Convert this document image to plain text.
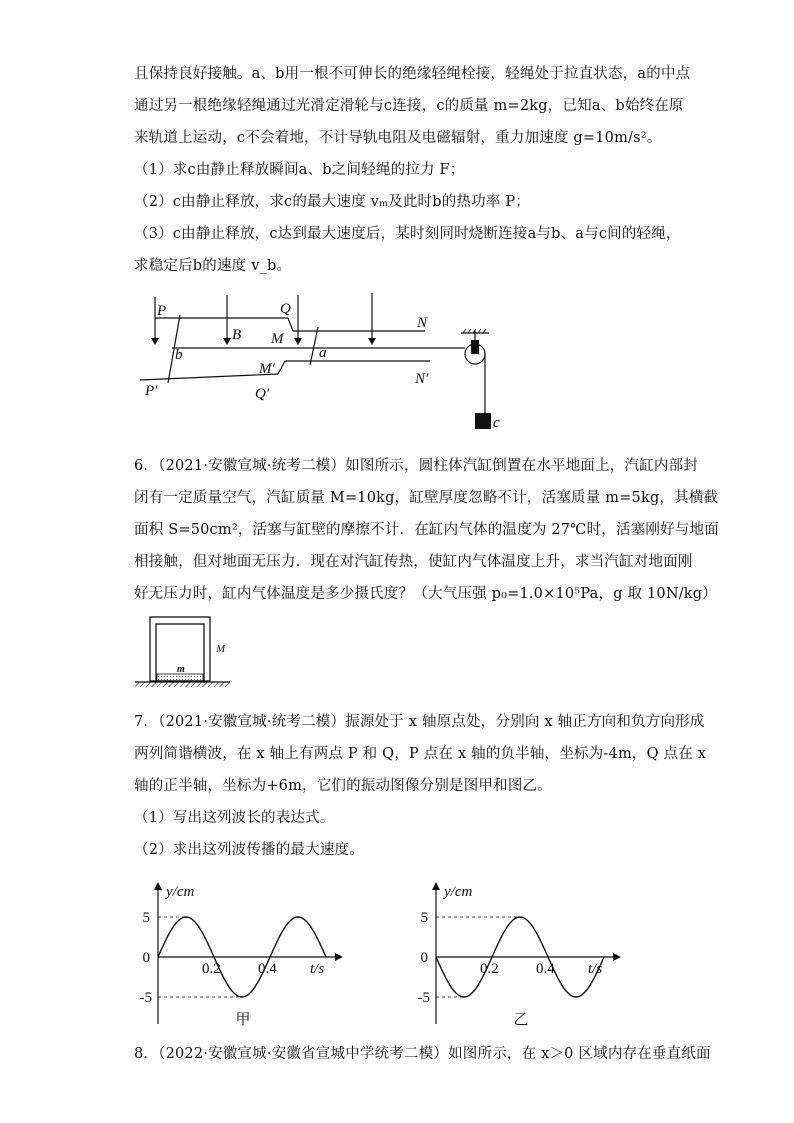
且保持良好接触。a、b用一根不可伸长的绝缘轻绳栓接，轻绳处于拉直状态，a的中点
通过另一根绝缘轻绳通过光滑定滑轮与c连接，c的质量 m=2kg，已知a、b始终在原
来轨道上运动，c不会着地，不计导轨电阻及电磁辐射，重力加速度 g=10m/s²。
（1）求c由静止释放瞬间a、b之间轻绳的拉力 F；
（2）c由静止释放，求c的最大速度 vₘ及此时b的热功率 P；
（3）c由静止释放，c达到最大速度后，某时刻同时烧断连接a与b、a与c间的轻绳，
求稳定后b的速度 v_b。
P
P′
Q
Q′
M
M′
N
N′
B
a
b
c
6．（2021·安徽宣城·统考二模）如图所示，圆柱体汽缸倒置在水平地面上，汽缸内部封
闭有一定质量空气，汽缸质量 M=10kg，缸壁厚度忽略不计，活塞质量 m=5kg，其横截
面积 S=50cm²，活塞与缸壁的摩擦不计．在缸内气体的温度为 27℃时，活塞刚好与地面
相接触，但对地面无压力．现在对汽缸传热，使缸内气体温度上升，求当汽缸对地面刚
好无压力时，缸内气体温度是多少摄氏度？（大气压强 p₀=1.0×10⁵Pa，g 取 10N/kg）
M
m
7．（2021·安徽宣城·统考二模）振源处于 x 轴原点处，分别向 x 轴正方向和负方向形成
两列简谐横波，在 x 轴上有两点 P 和 Q，P 点在 x 轴的负半轴，坐标为-4m，Q 点在 x
轴的正半轴，坐标为+6m，它们的振动图像分别是图甲和图乙。
（1）写出这列波长的表达式。
（2）求出这列波传播的最大速度。
5
0
-5
0.2 0.4 t/s
y/cm
甲
5
0
-5
0.2 0.4 t/s
y/cm
乙
8．（2022·安徽宣城·安徽省宣城中学统考二模）如图所示，在 x＞0 区域内存在垂直纸面
